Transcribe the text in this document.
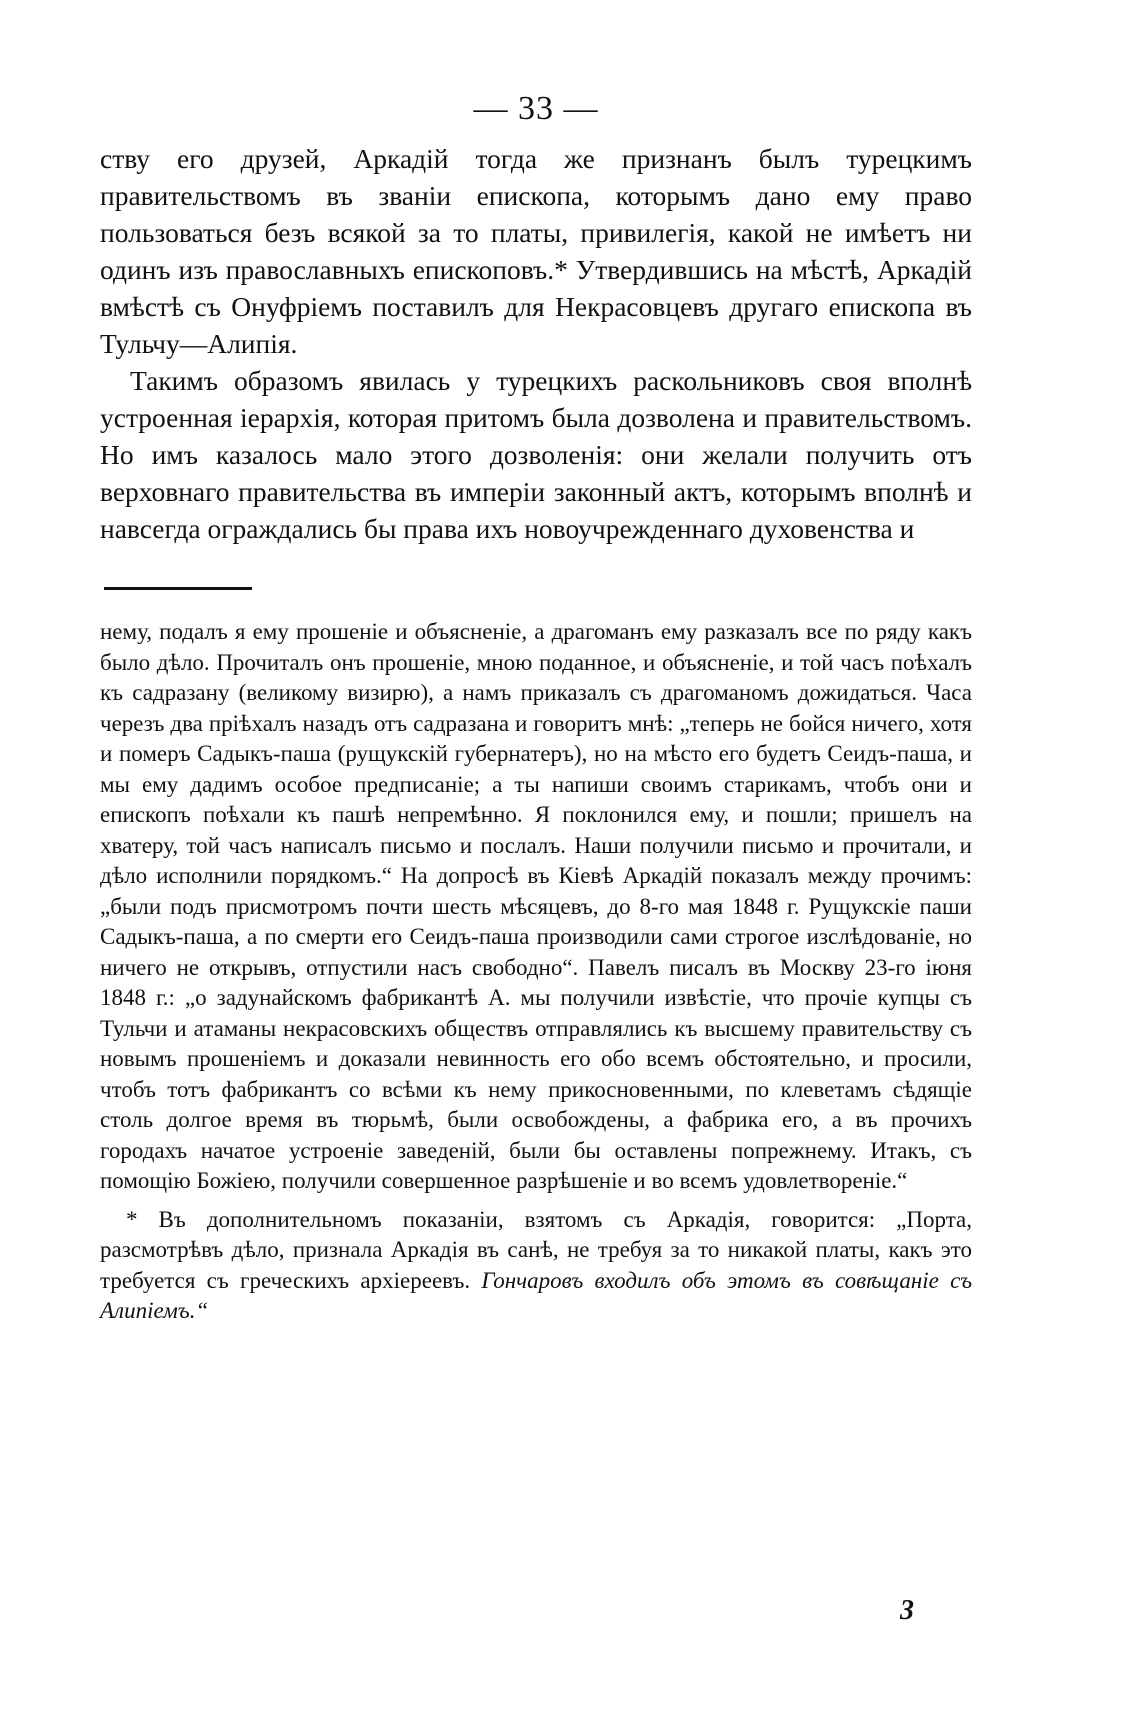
— 33 —

ству его друзей, Аркадій тогда же признанъ былъ турецкимъ правительствомъ въ званіи епископа, которымъ дано ему право пользоваться безъ всякой за то платы, привилегія, какой не имѣетъ ни одинъ изъ православныхъ епископовъ.* Утвердившись на мѣстѣ, Аркадій вмѣстѣ съ Онуфріемъ поставилъ для Некрасовцевъ другаго епископа въ Тульчу—Алипія.

Такимъ образомъ явилась у турецкихъ раскольниковъ своя вполнѣ устроенная іерархія, которая притомъ была дозволена и правительствомъ. Но имъ казалось мало этого дозволенія: они желали получить отъ верховнаго правительства въ имперіи законный актъ, которымъ вполнѣ и навсегда ограждались бы права ихъ новоучрежденнаго духовенства и

нему, подалъ я ему прошеніе и объясненіе, а драгоманъ ему разказалъ все по ряду какъ было дѣло. Прочиталъ онъ прошеніе, мною поданное, и объясненіе, и той часъ поѣхалъ къ садразану (великому визирю), а намъ приказалъ съ драгоманомъ дожидаться. Часа черезъ два пріѣхалъ назадъ отъ садразана и говоритъ мнѣ: „теперь не бойся ничего, хотя и померъ Садыкъ-паша (рущукскій губернатеръ), но на мѣсто его будетъ Сеидъ-паша, и мы ему дадимъ особое предписаніе; а ты напиши своимъ старикамъ, чтобъ они и епископъ поѣхали къ пашѣ непремѣнно. Я поклонился ему, и пошли; пришелъ на хватеру, той часъ написалъ письмо и послалъ. Наши получили письмо и прочитали, и дѣло исполнили порядкомъ.“ На допросѣ въ Кіевѣ Аркадій показалъ между прочимъ: „были подъ присмотромъ почти шесть мѣсяцевъ, до 8-го мая 1848 г. Рущукскіе паши Садыкъ-паша, а по смерти его Сеидъ-паша производили сами строгое изслѣдованіе, но ничего не открывъ, отпустили насъ свободно“. Павелъ писалъ въ Москву 23-го іюня 1848 г.: „о задунайскомъ фабрикантѣ А. мы получили извѣстіе, что прочіе купцы съ Тульчи и атаманы некрасовскихъ обществъ отправлялись къ высшему правительству съ новымъ прошеніемъ и доказали невинность его обо всемъ обстоятельно, и просили, чтобъ тотъ фабрикантъ со всѣми къ нему прикосновенными, по клеветамъ сѣдящіе столь долгое время въ тюрьмѣ, были освобождены, а фабрика его, а въ прочихъ городахъ начатое устроеніе заведеній, были бы оставлены попрежнему. Итакъ, съ помощію Божіею, получили совершенное разрѣшеніе и во всемъ удовлетвореніе.“

* Въ дополнительномъ показаніи, взятомъ съ Аркадія, говорится: „Порта, разсмотрѣвъ дѣло, признала Аркадія въ санѣ, не требуя за то никакой платы, какъ это требуется съ греческихъ архіереевъ. Гончаровъ входилъ объ этомъ въ совѣщаніе съ Алипіемъ.“

3
